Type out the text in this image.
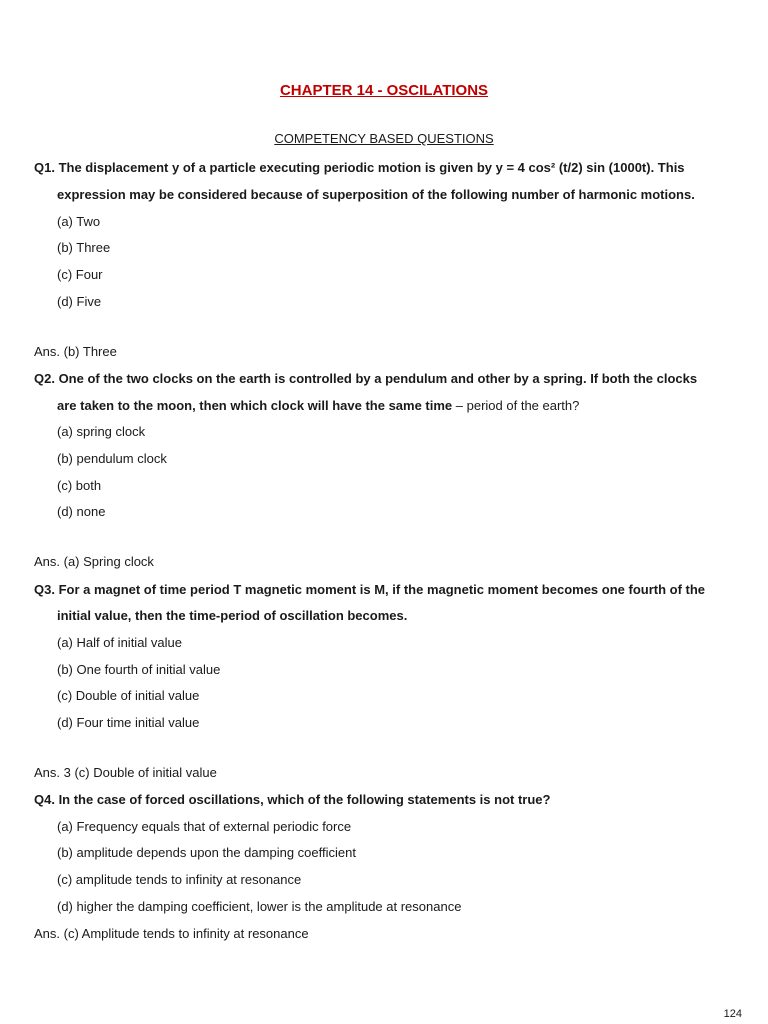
CHAPTER 14 - OSCILATIONS
COMPETENCY BASED QUESTIONS
Q1. The displacement y of a particle executing periodic motion is given by y = 4 cos² (t/2) sin (1000t). This
expression may be considered because of superposition of the following number of harmonic motions.
(a) Two
(b) Three
(c) Four
(d) Five
Ans. (b) Three
Q2. One of the two clocks on the earth is controlled by a pendulum and other by a spring. If both the clocks
are taken to the moon, then which clock will have the same time – period of the earth?
(a) spring clock
(b) pendulum clock
(c) both
(d) none
Ans. (a) Spring clock
Q3. For a magnet of time period T magnetic moment is M, if the magnetic moment becomes one fourth of the
initial value, then the time-period of oscillation becomes.
(a) Half of initial value
(b) One fourth of initial value
(c) Double of initial value
(d) Four time initial value
Ans. 3 (c) Double of initial value
Q4. In the case of forced oscillations, which of the following statements is not true?
(a) Frequency equals that of external periodic force
(b) amplitude depends upon the damping coefficient
(c) amplitude tends to infinity at resonance
(d) higher the damping coefficient, lower is the amplitude at resonance
Ans. (c) Amplitude tends to infinity at resonance
124
